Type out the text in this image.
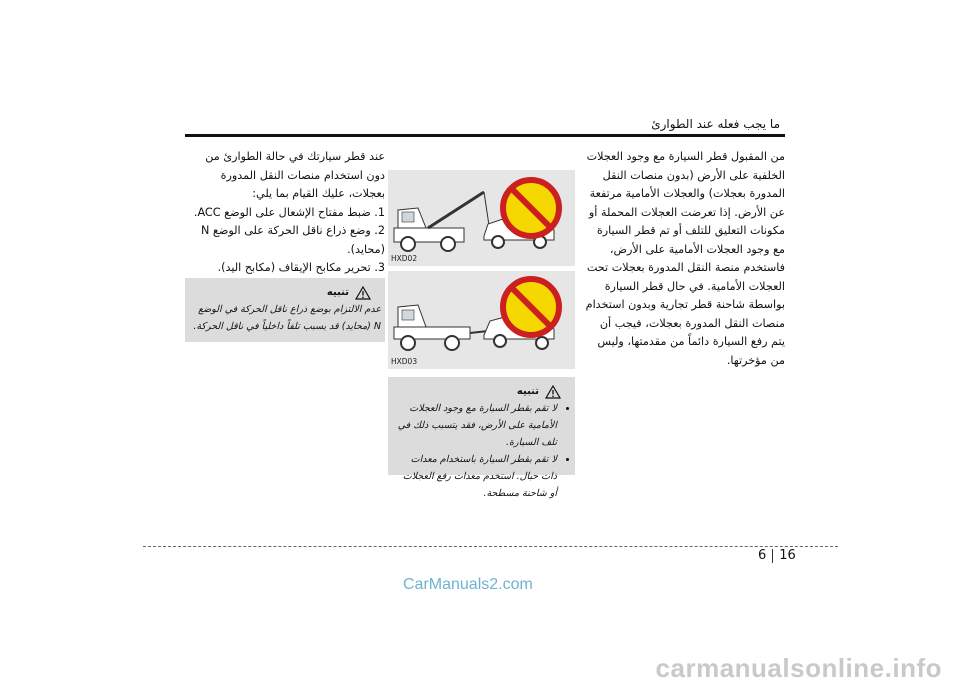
ما يجب فعله عند الطوارئ

من المقبول قطر السيارة مع وجود العجلات الخلفية على الأرض (بدون منصات النقل المدورة بعجلات) والعجلات الأمامية مرتفعة عن الأرض. إذا تعرضت العجلات المحملة أو مكونات التعليق للتلف أو تم قطر السيارة مع وجود العجلات الأمامية على الأرض، فاستخدم منصة النقل المدورة بعجلات تحت العجلات الأمامية. في حال قطر السيارة بواسطة شاحنة قطر تجارية وبدون استخدام منصات النقل المدورة بعجلات، فيجب أن يتم رفع السيارة دائماً من مقدمتها، وليس من مؤخرتها.

HXD02
HXD03
تنبيه
• لا تقم بقطر السيارة مع وجود العجلات الأمامية على الأرض، فقد يتسبب ذلك في تلف السيارة.
• لا تقم بقطر السيارة باستخدام معدات ذات حبال. استخدم معدات رفع العجلات أو شاحنة مسطحة.

عند قطر سيارتك في حالة الطوارئ من دون استخدام منصات النقل المدورة بعجلات، عليك القيام بما يلي:

1. ضبط مفتاح الإشعال على الوضع ACC.
2. وضع ذراع ناقل الحركة على الوضع N (محايد).
3. تحرير مكابح الإيقاف (مكابح اليد).
تنبيه
عدم الالتزام بوضع ذراع ناقل الحركة في الوضع N (محايد) قد يسبب تلفاً داخلياً في ناقل الحركة.
6 16
CarManuals2.com
carmanualsonline.info
